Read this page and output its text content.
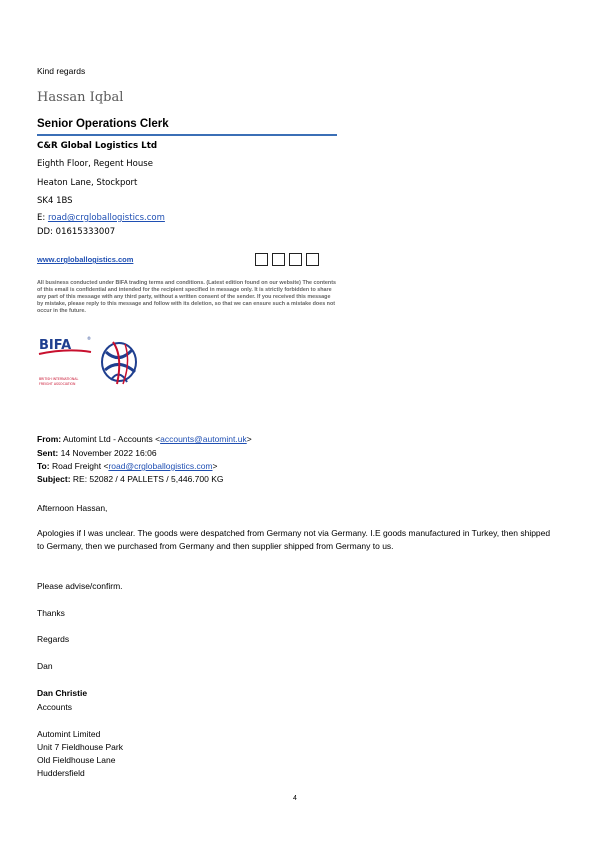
Kind regards
Hassan Iqbal
Senior Operations Clerk
C&R Global Logistics Ltd
Eighth Floor, Regent House
Heaton Lane, Stockport
SK4 1BS
E: road@crgloballogistics.com
DD: 01615333007
www.crgloballogistics.com
All business conducted under BIFA trading terms and conditions. (Latest edition found on our website) The contents of this email is confidential and intended for the recipient specified in message only. It is strictly forbidden to share any part of this message with any third party, without a written consent of the sender. If you received this message by mistake, please reply to this message and follow with its deletion, so that we can ensure such a mistake does not occur in the future.
BIFA	®
BRITISH INTERNATIONAL
FREIGHT ASSOCIATION
From: Automint Ltd - Accounts <accounts@automint.uk>
Sent: 14 November 2022 16:06
To: Road Freight <road@crgloballogistics.com>
Subject: RE: 52082 / 4 PALLETS / 5,446.700 KG
Afternoon Hassan,
Apologies if I was unclear. The goods were despatched from Germany not via Germany. I.E goods manufactured in Turkey, then shipped to Germany, then we purchased from Germany and then supplier shipped from Germany to us.
Please advise/confirm.
Thanks
Regards
Dan
Dan Christie
Accounts
Automint Limited
Unit 7 Fieldhouse Park
Old Fieldhouse Lane
Huddersfield
4
